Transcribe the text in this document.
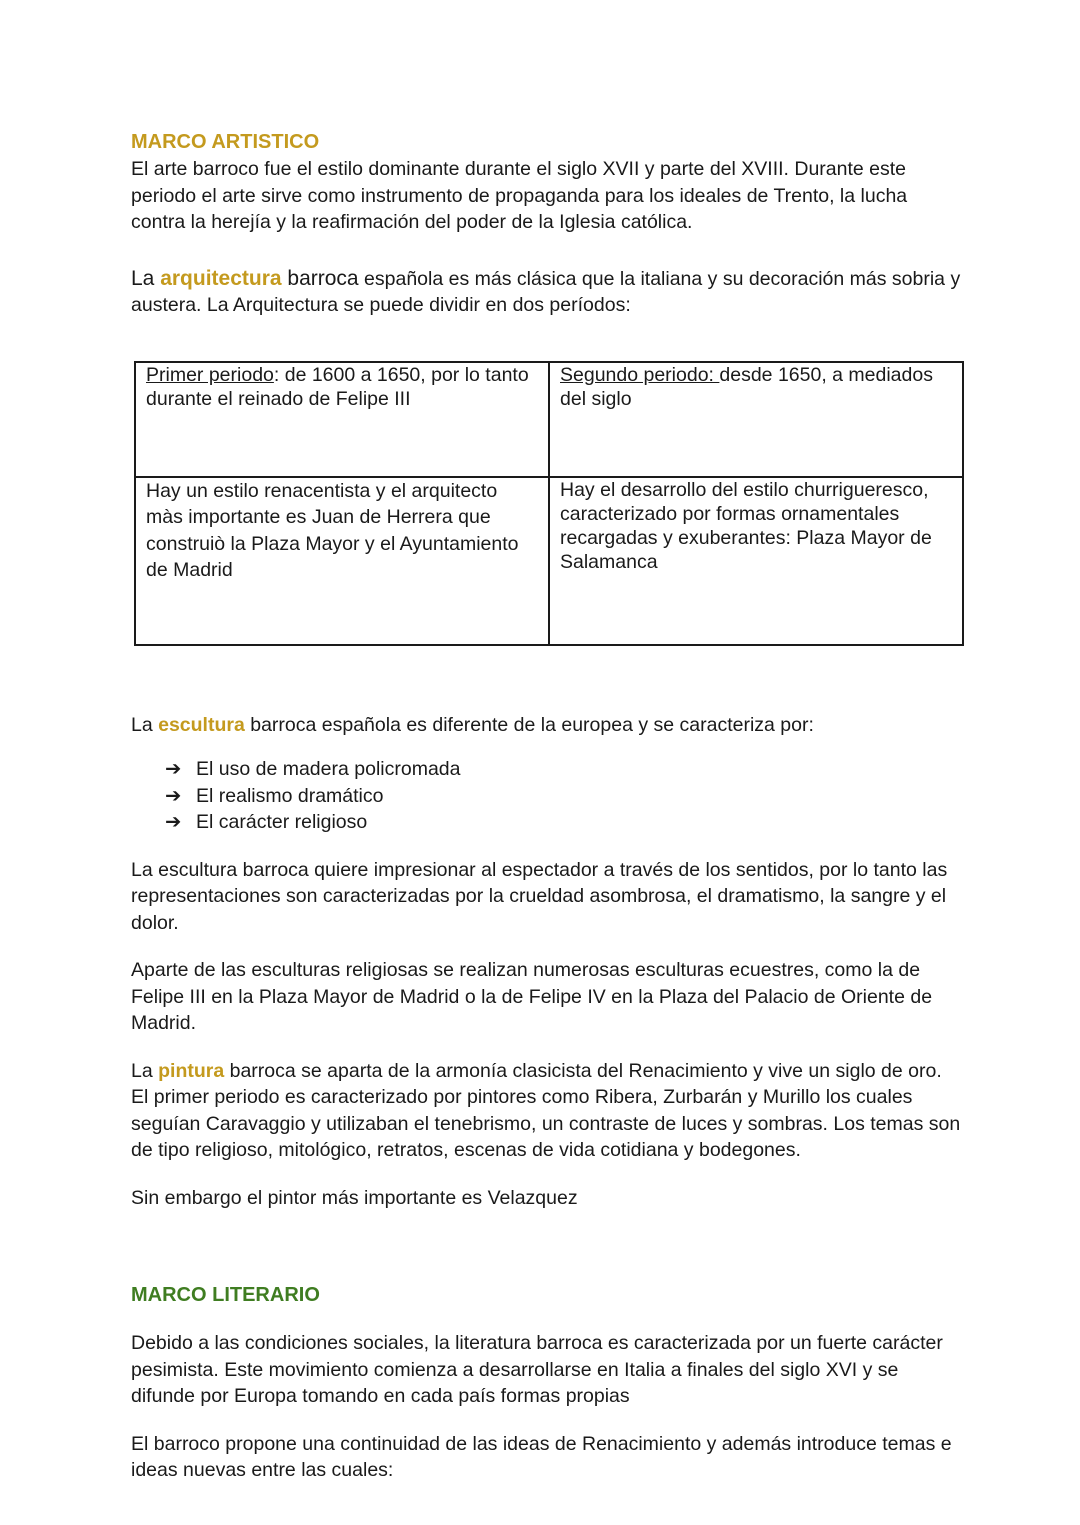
MARCO ARTISTICO

El arte barroco fue el estilo dominante durante el siglo XVII y parte del XVIII. Durante este periodo el arte sirve como instrumento de propaganda para los ideales de Trento, la lucha contra la herejía y la reafirmación del poder de la Iglesia católica.

La arquitectura barroca española es más clásica que la italiana y su decoración más sobria y austera. La Arquitectura se puede dividir en dos períodos:

Primer periodo: de 1600 a 1650, por lo tanto durante el reinado de Felipe III	Segundo periodo: desde 1650, a mediados del siglo
Hay un estilo renacentista y el arquitecto màs importante es Juan de Herrera que construiò la Plaza Mayor y el Ayuntamiento de Madrid	Hay el desarrollo del estilo churrigueresco, caracterizado por formas ornamentales recargadas y exuberantes: Plaza Mayor de Salamanca

La escultura barroca española es diferente de la europea y se caracteriza por:

➔ El uso de madera policromada
➔ El realismo dramático
➔ El carácter religioso

La escultura barroca quiere impresionar al espectador a través de los sentidos, por lo tanto las representaciones son caracterizadas por la crueldad asombrosa, el dramatismo, la sangre y el dolor.

Aparte de las esculturas religiosas se realizan numerosas esculturas ecuestres, como la de Felipe III en la Plaza Mayor de Madrid o la de Felipe IV en la Plaza del Palacio de Oriente de Madrid.

La pintura barroca se aparta de la armonía clasicista del Renacimiento y vive un siglo de oro. El primer periodo es caracterizado por pintores como Ribera, Zurbarán y Murillo los cuales seguían Caravaggio y utilizaban el tenebrismo, un contraste de luces y sombras. Los temas son de tipo religioso, mitológico, retratos, escenas de vida cotidiana y bodegones.

Sin embargo el pintor más importante es Velazquez

MARCO LITERARIO

Debido a las condiciones sociales, la literatura barroca es caracterizada por un fuerte carácter pesimista. Este movimiento comienza a desarrollarse en Italia a finales del siglo XVI y se difunde por Europa tomando en cada país formas propias

El barroco propone una continuidad de las ideas de Renacimiento y además introduce temas e ideas nuevas entre las cuales:
